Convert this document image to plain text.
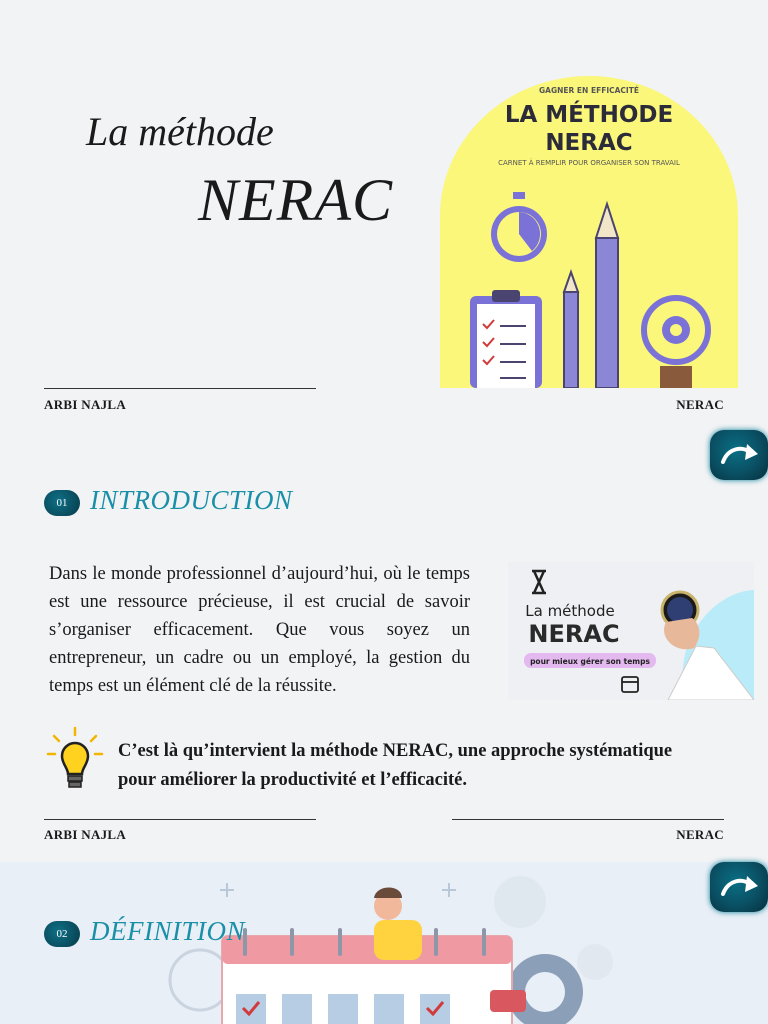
La méthode
NERAC
GAGNER EN EFFICACITÉ
LA MÉTHODE
NERAC
CARNET À REMPLIR POUR ORGANISER SON TRAVAIL
ARBI NAJLA	NERAC
01 INTRODUCTION
Dans le monde professionnel d’aujourd’hui, où le temps est une ressource précieuse, il est crucial de savoir s’organiser efficacement. Que vous soyez un entrepreneur, un cadre ou un employé, la gestion du temps est un élément clé de la réussite.
La méthode
NERAC
pour mieux gérer son temps
C’est là qu’intervient la méthode NERAC, une approche systématique pour améliorer la productivité et l’efficacité.
ARBI NAJLA	NERAC
02 DÉFINITION
